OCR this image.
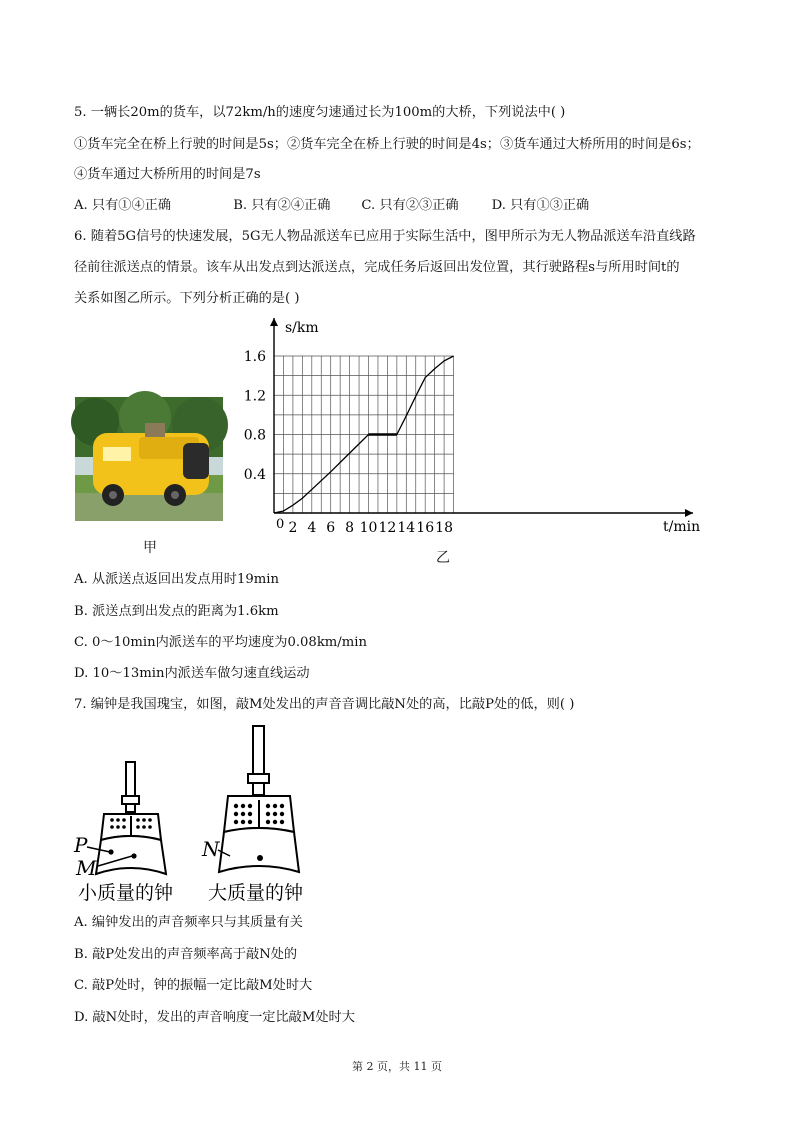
5. 一辆长20m的货车，以72km/h的速度匀速通过长为100m的大桥，下列说法中( )
①货车完全在桥上行驶的时间是5s；②货车完全在桥上行驶的时间是4s；③货车通过大桥所用的时间是6s；
④货车通过大桥所用的时间是7s
A. 只有①④正确	B. 只有②④正确 C. 只有②③正确	D. 只有①③正确
6. 随着5G信号的快速发展，5G无人物品派送车已应用于实际生活中，图甲所示为无人物品派送车沿直线路
径前往派送点的情景。该车从出发点到达派送点，完成任务后返回出发位置，其行驶路程s与所用时间t的
关系如图乙所示。下列分析正确的是( )
甲
0 2 4 6 8 10 12 14 16 18
0.4
0.8
1.2
1.6
s/km
t/min
乙
A. 从派送点返回出发点用时19min
B. 派送点到出发点的距离为1.6km
C. 0～10min内派送车的平均速度为0.08km/min
D. 10～13min内派送车做匀速直线运动
7. 编钟是我国瑰宝，如图，敲M处发出的声音音调比敲N处的高，比敲P处的低，则( )
P
M
小质量的钟
N
大质量的钟
A. 编钟发出的声音频率只与其质量有关
B. 敲P处发出的声音频率高于敲N处的
C. 敲P处时，钟的振幅一定比敲M处时大
D. 敲N处时，发出的声音响度一定比敲M处时大
第 2 页，共 11 页
